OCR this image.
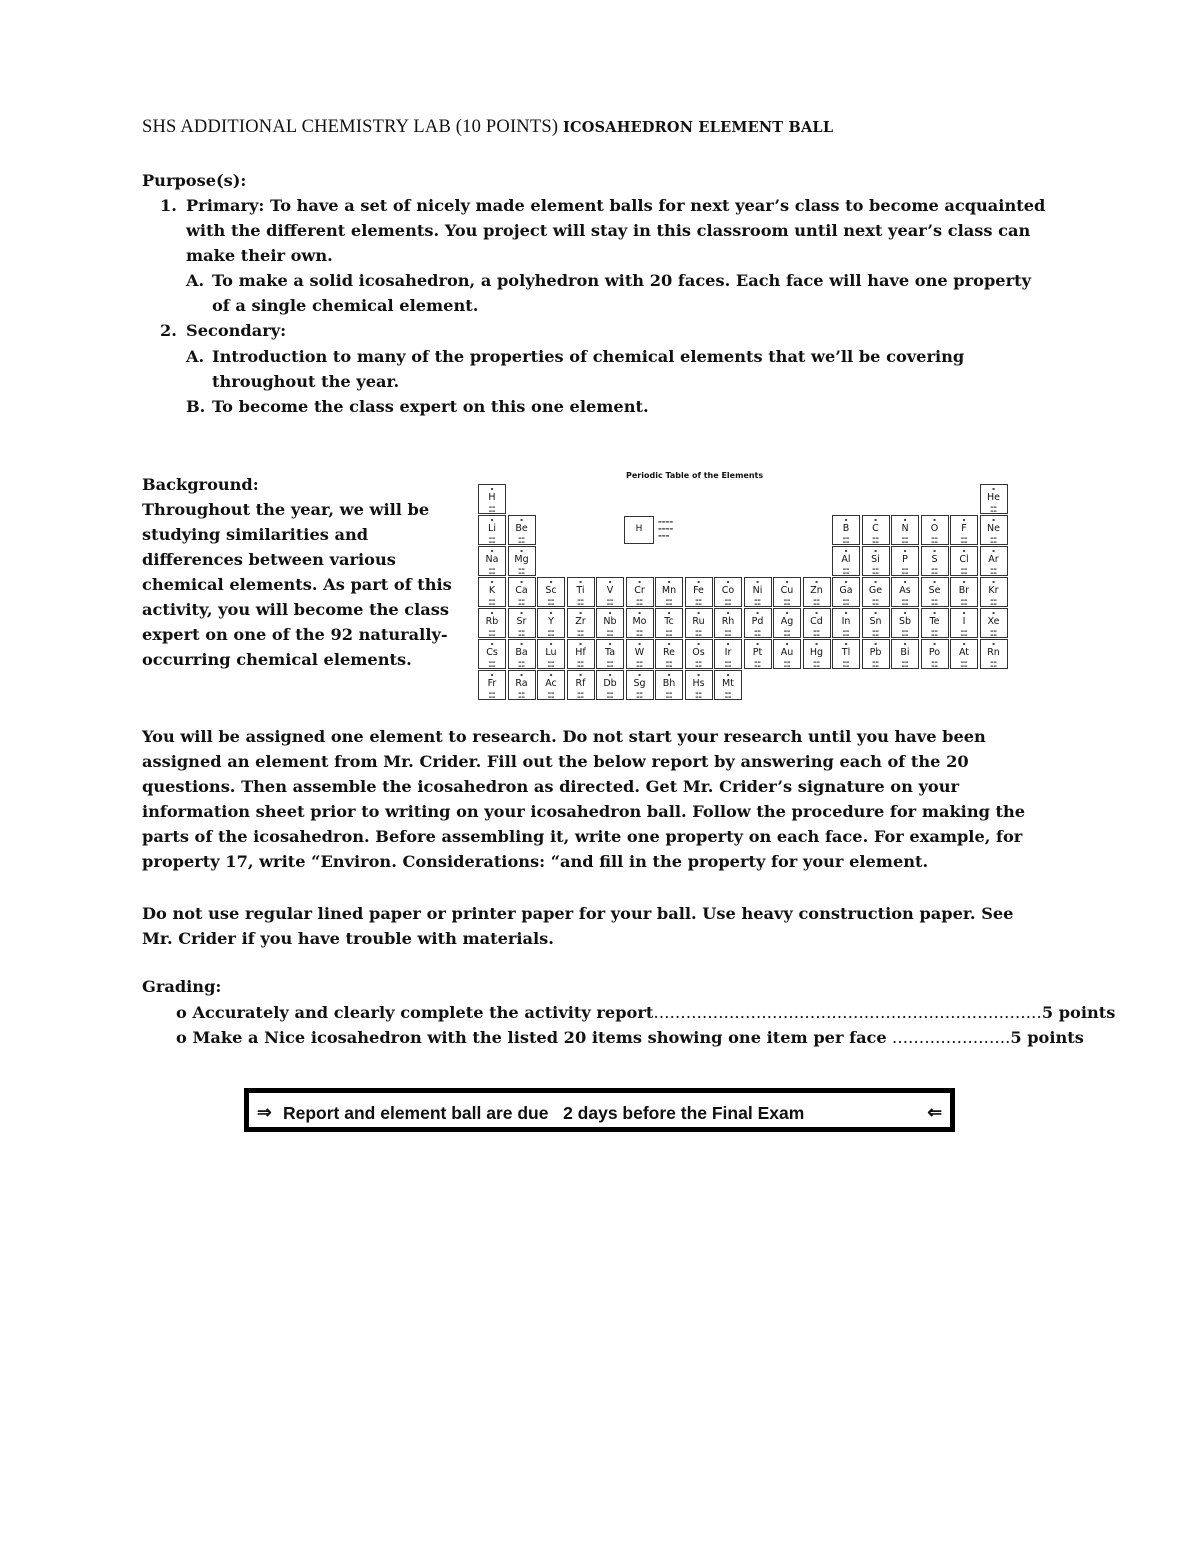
SHS ADDITIONAL CHEMISTRY LAB (10 POINTS) ICOSAHEDRON ELEMENT BALL
Purpose(s):
1. Primary: To have a set of nicely made element balls for next year’s class to become acquainted
with the different elements. You project will stay in this classroom until next year’s class can
make their own.
A. To make a solid icosahedron, a polyhedron with 20 faces. Each face will have one property
of a single chemical element.
2. Secondary:
A. Introduction to many of the properties of chemical elements that we’ll be covering
throughout the year.
B. To become the class expert on this one element.
Background:
Throughout the year, we will be
studying similarities and
differences between various
chemical elements. As part of this
activity, you will become the class
expert on one of the 92 naturally-
occurring chemical elements.
Periodic Table of the Elements
H
▬▬▬▬
▬▬▬▬
▬▬▬
▪
H
▬▬
▬▬
▪
He
▬▬
▬▬
▪
Li
▬▬
▬▬
▪
Be
▬▬
▬▬
▪
B
▬▬
▬▬
▪
C
▬▬
▬▬
▪
N
▬▬
▬▬
▪
O
▬▬
▬▬
▪
F
▬▬
▬▬
▪
Ne
▬▬
▬▬
▪
Na
▬▬
▬▬
▪
Mg
▬▬
▬▬
▪
Al
▬▬
▬▬
▪
Si
▬▬
▬▬
▪
P
▬▬
▬▬
▪
S
▬▬
▬▬
▪
Cl
▬▬
▬▬
▪
Ar
▬▬
▬▬
▪
K
▬▬
▬▬
▪
Ca
▬▬
▬▬
▪
Sc
▬▬
▬▬
▪
Ti
▬▬
▬▬
▪
V
▬▬
▬▬
▪
Cr
▬▬
▬▬
▪
Mn
▬▬
▬▬
▪
Fe
▬▬
▬▬
▪
Co
▬▬
▬▬
▪
Ni
▬▬
▬▬
▪
Cu
▬▬
▬▬
▪
Zn
▬▬
▬▬
▪
Ga
▬▬
▬▬
▪
Ge
▬▬
▬▬
▪
As
▬▬
▬▬
▪
Se
▬▬
▬▬
▪
Br
▬▬
▬▬
▪
Kr
▬▬
▬▬
▪
Rb
▬▬
▬▬
▪
Sr
▬▬
▬▬
▪
Y
▬▬
▬▬
▪
Zr
▬▬
▬▬
▪
Nb
▬▬
▬▬
▪
Mo
▬▬
▬▬
▪
Tc
▬▬
▬▬
▪
Ru
▬▬
▬▬
▪
Rh
▬▬
▬▬
▪
Pd
▬▬
▬▬
▪
Ag
▬▬
▬▬
▪
Cd
▬▬
▬▬
▪
In
▬▬
▬▬
▪
Sn
▬▬
▬▬
▪
Sb
▬▬
▬▬
▪
Te
▬▬
▬▬
▪
I
▬▬
▬▬
▪
Xe
▬▬
▬▬
▪
Cs
▬▬
▬▬
▪
Ba
▬▬
▬▬
▪
Lu
▬▬
▬▬
▪
Hf
▬▬
▬▬
▪
Ta
▬▬
▬▬
▪
W
▬▬
▬▬
▪
Re
▬▬
▬▬
▪
Os
▬▬
▬▬
▪
Ir
▬▬
▬▬
▪
Pt
▬▬
▬▬
▪
Au
▬▬
▬▬
▪
Hg
▬▬
▬▬
▪
Tl
▬▬
▬▬
▪
Pb
▬▬
▬▬
▪
Bi
▬▬
▬▬
▪
Po
▬▬
▬▬
▪
At
▬▬
▬▬
▪
Rn
▬▬
▬▬
▪
Fr
▬▬
▬▬
▪
Ra
▬▬
▬▬
▪
Ac
▬▬
▬▬
▪
Rf
▬▬
▬▬
▪
Db
▬▬
▬▬
▪
Sg
▬▬
▬▬
▪
Bh
▬▬
▬▬
▪
Hs
▬▬
▬▬
▪
Mt
▬▬
▬▬
You will be assigned one element to research. Do not start your research until you have been
assigned an element from Mr. Crider. Fill out the below report by answering each of the 20
questions. Then assemble the icosahedron as directed. Get Mr. Crider’s signature on your
information sheet prior to writing on your icosahedron ball. Follow the procedure for making the
parts of the icosahedron. Before assembling it, write one property on each face. For example, for
property 17, write “Environ. Considerations: “and fill in the property for your element.
Do not use regular lined paper or printer paper for your ball. Use heavy construction paper. See
Mr. Crider if you have trouble with materials.
Grading:
o Accurately and clearly complete the activity report………………………………………………………………5 points
o Make a Nice icosahedron with the listed 20 items showing one item per face ………………….5 points
⇒ Report and element ball are due   2 days before the Final Exam	⇐
